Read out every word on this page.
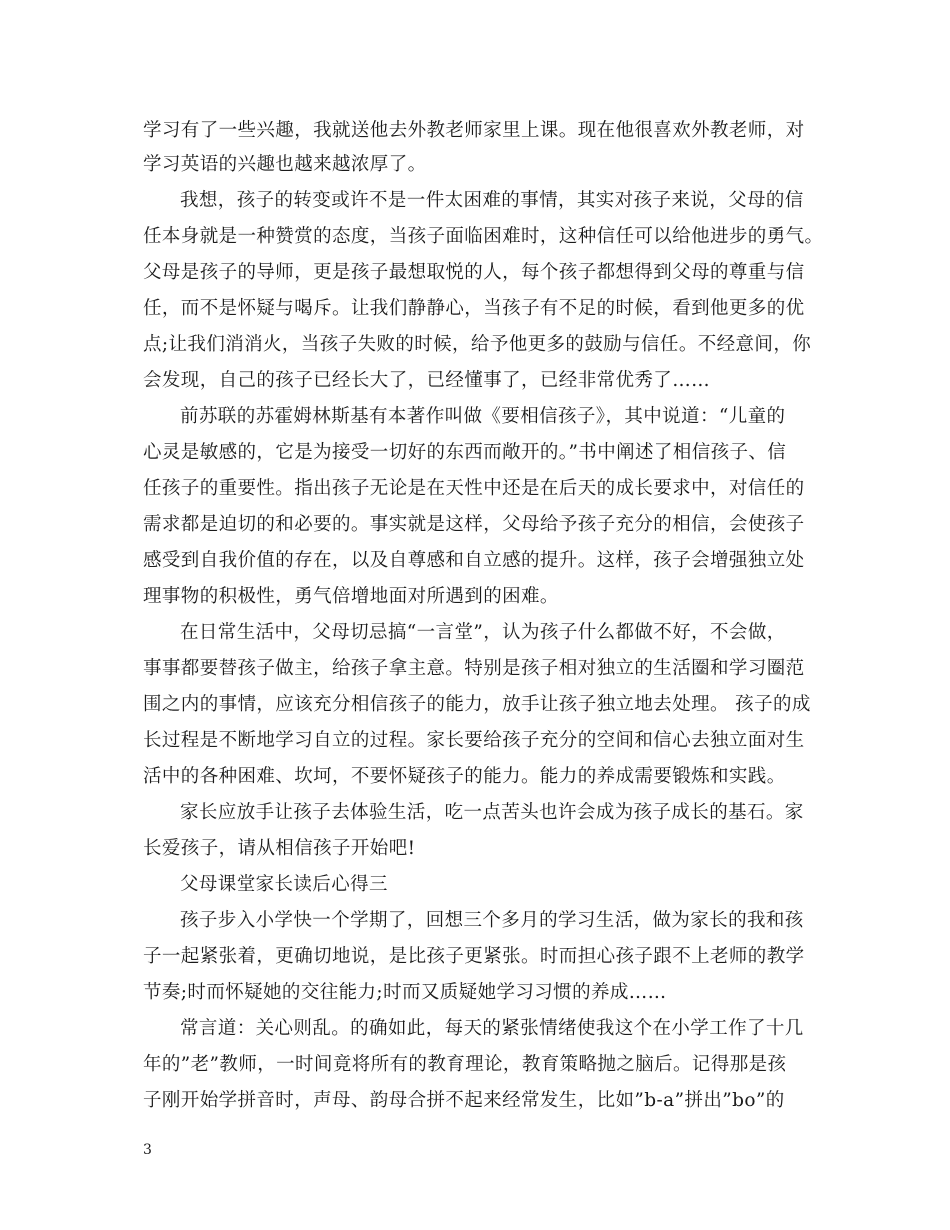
学习有了一些兴趣，我就送他去外教老师家里上课。现在他很喜欢外教老师，对
学习英语的兴趣也越来越浓厚了。
我想，孩子的转变或许不是一件太困难的事情，其实对孩子来说，父母的信
任本身就是一种赞赏的态度，当孩子面临困难时，这种信任可以给他进步的勇气。
父母是孩子的导师，更是孩子最想取悦的人，每个孩子都想得到父母的尊重与信
任，而不是怀疑与喝斥。让我们静静心，当孩子有不足的时候，看到他更多的优
点;让我们消消火，当孩子失败的时候，给予他更多的鼓励与信任。不经意间，你
会发现，自己的孩子已经长大了，已经懂事了，已经非常优秀了……
前苏联的苏霍姆林斯基有本著作叫做《要相信孩子》，其中说道：“儿童的
心灵是敏感的，它是为接受一切好的东西而敞开的。”书中阐述了相信孩子、信
任孩子的重要性。指出孩子无论是在天性中还是在后天的成长要求中，对信任的
需求都是迫切的和必要的。事实就是这样，父母给予孩子充分的相信，会使孩子
感受到自我价值的存在，以及自尊感和自立感的提升。这样，孩子会增强独立处
理事物的积极性，勇气倍增地面对所遇到的困难。
在日常生活中，父母切忌搞“一言堂”，认为孩子什么都做不好，不会做，
事事都要替孩子做主，给孩子拿主意。特别是孩子相对独立的生活圈和学习圈范
围之内的事情，应该充分相信孩子的能力，放手让孩子独立地去处理。 孩子的成
长过程是不断地学习自立的过程。家长要给孩子充分的空间和信心去独立面对生
活中的各种困难、坎坷，不要怀疑孩子的能力。能力的养成需要锻炼和实践。
家长应放手让孩子去体验生活，吃一点苦头也许会成为孩子成长的基石。家
长爱孩子，请从相信孩子开始吧!
父母课堂家长读后心得三
孩子步入小学快一个学期了，回想三个多月的学习生活，做为家长的我和孩
子一起紧张着，更确切地说，是比孩子更紧张。时而担心孩子跟不上老师的教学
节奏;时而怀疑她的交往能力;时而又质疑她学习习惯的养成……
常言道：关心则乱。的确如此，每天的紧张情绪使我这个在小学工作了十几
年的”老”教师，一时间竟将所有的教育理论，教育策略抛之脑后。记得那是孩
子刚开始学拼音时，声母、韵母合拼不起来经常发生，比如”b-a”拼出”bo”的
3
